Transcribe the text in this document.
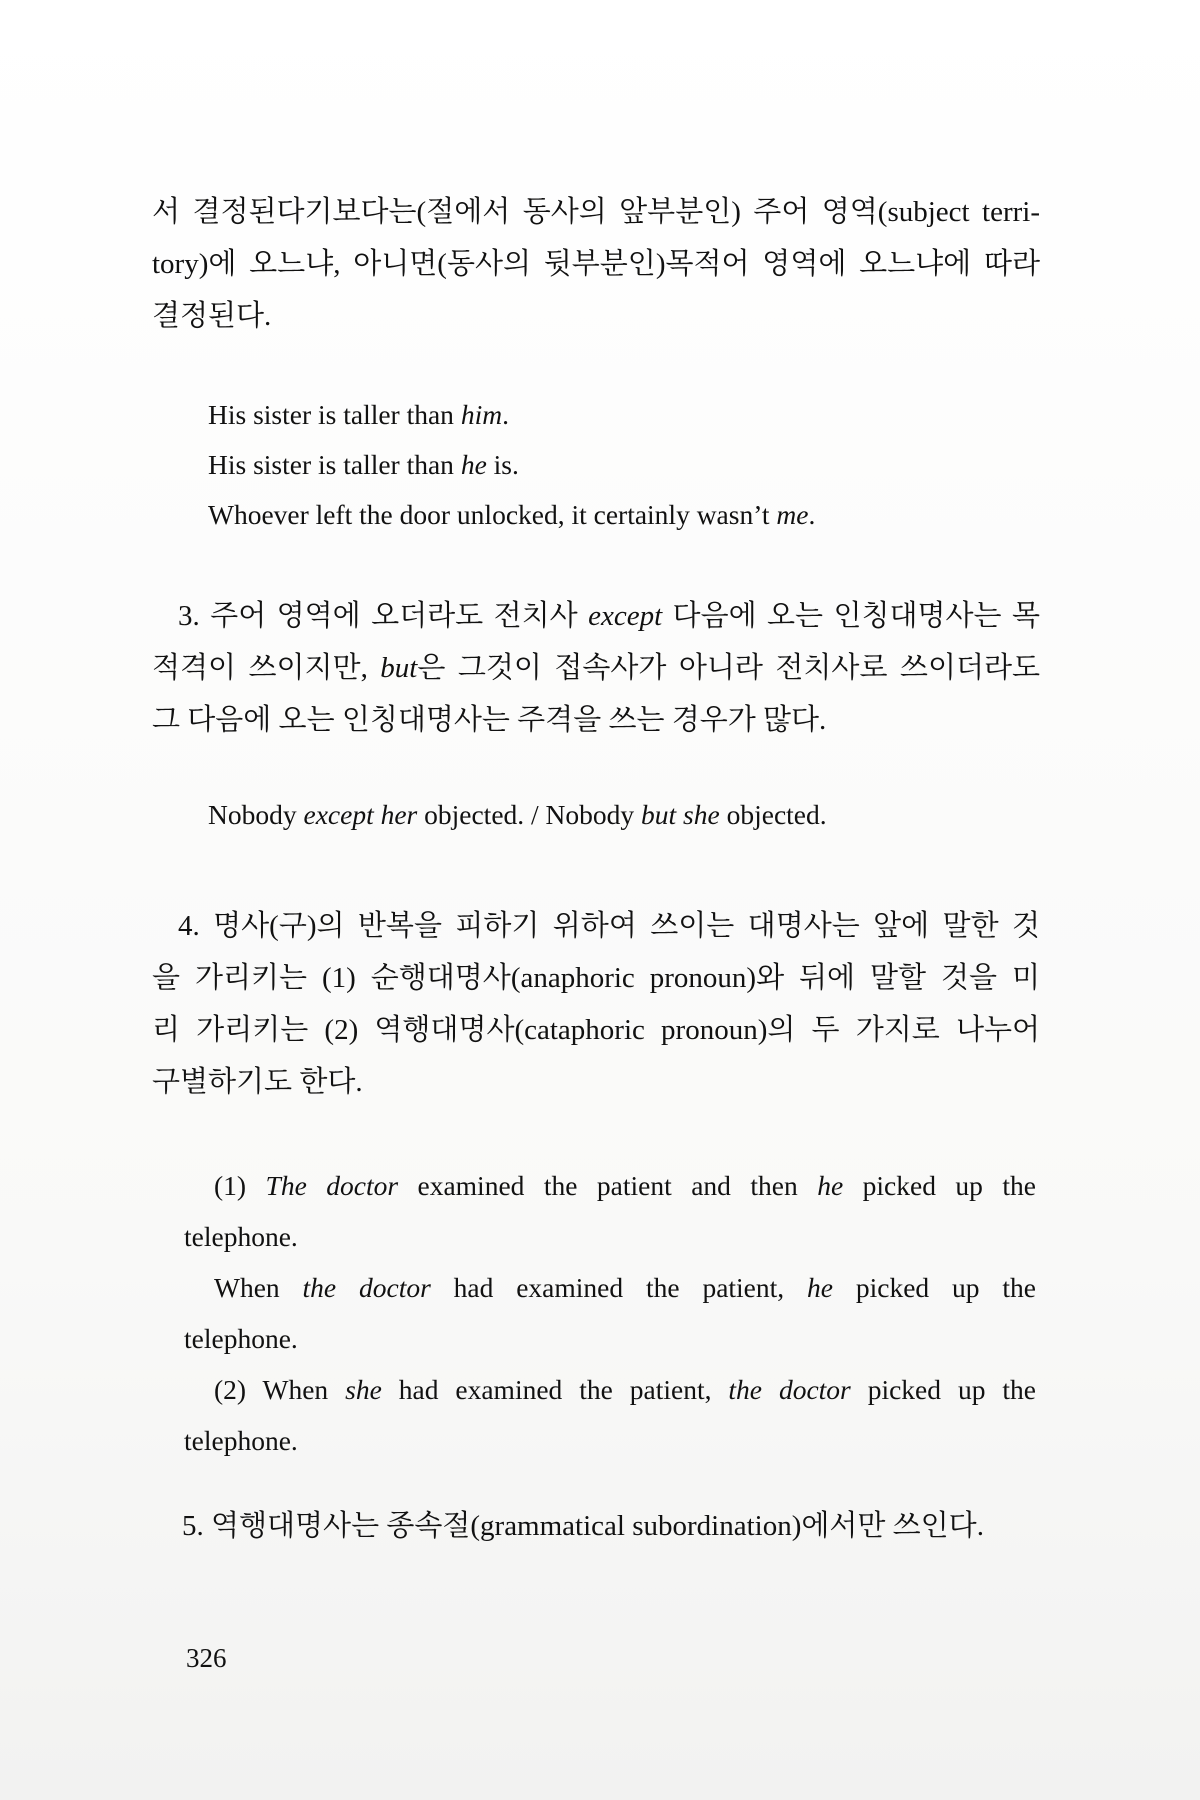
서 결정된다기보다는(절에서 동사의 앞부분인) 주어 영역(subject terri-
tory)에 오느냐, 아니면(동사의 뒷부분인)목적어 영역에 오느냐에 따라
결정된다.

His sister is taller than him.
His sister is taller than he is.
Whoever left the door unlocked, it certainly wasn’t me.

3. 주어 영역에 오더라도 전치사 except 다음에 오는 인칭대명사는 목
적격이 쓰이지만, but은 그것이 접속사가 아니라 전치사로 쓰이더라도
그 다음에 오는 인칭대명사는 주격을 쓰는 경우가 많다.

Nobody except her objected. / Nobody but she objected.

4. 명사(구)의 반복을 피하기 위하여 쓰이는 대명사는 앞에 말한 것
을 가리키는 (1) 순행대명사(anaphoric pronoun)와 뒤에 말할 것을 미
리 가리키는 (2) 역행대명사(cataphoric pronoun)의 두 가지로 나누어
구별하기도 한다.

(1) The doctor examined the patient and then he picked up the
telephone.
When the doctor had examined the patient, he picked up the
telephone.
(2) When she had examined the patient, the doctor picked up the
telephone.

5. 역행대명사는 종속절(grammatical subordination)에서만 쓰인다.

326
